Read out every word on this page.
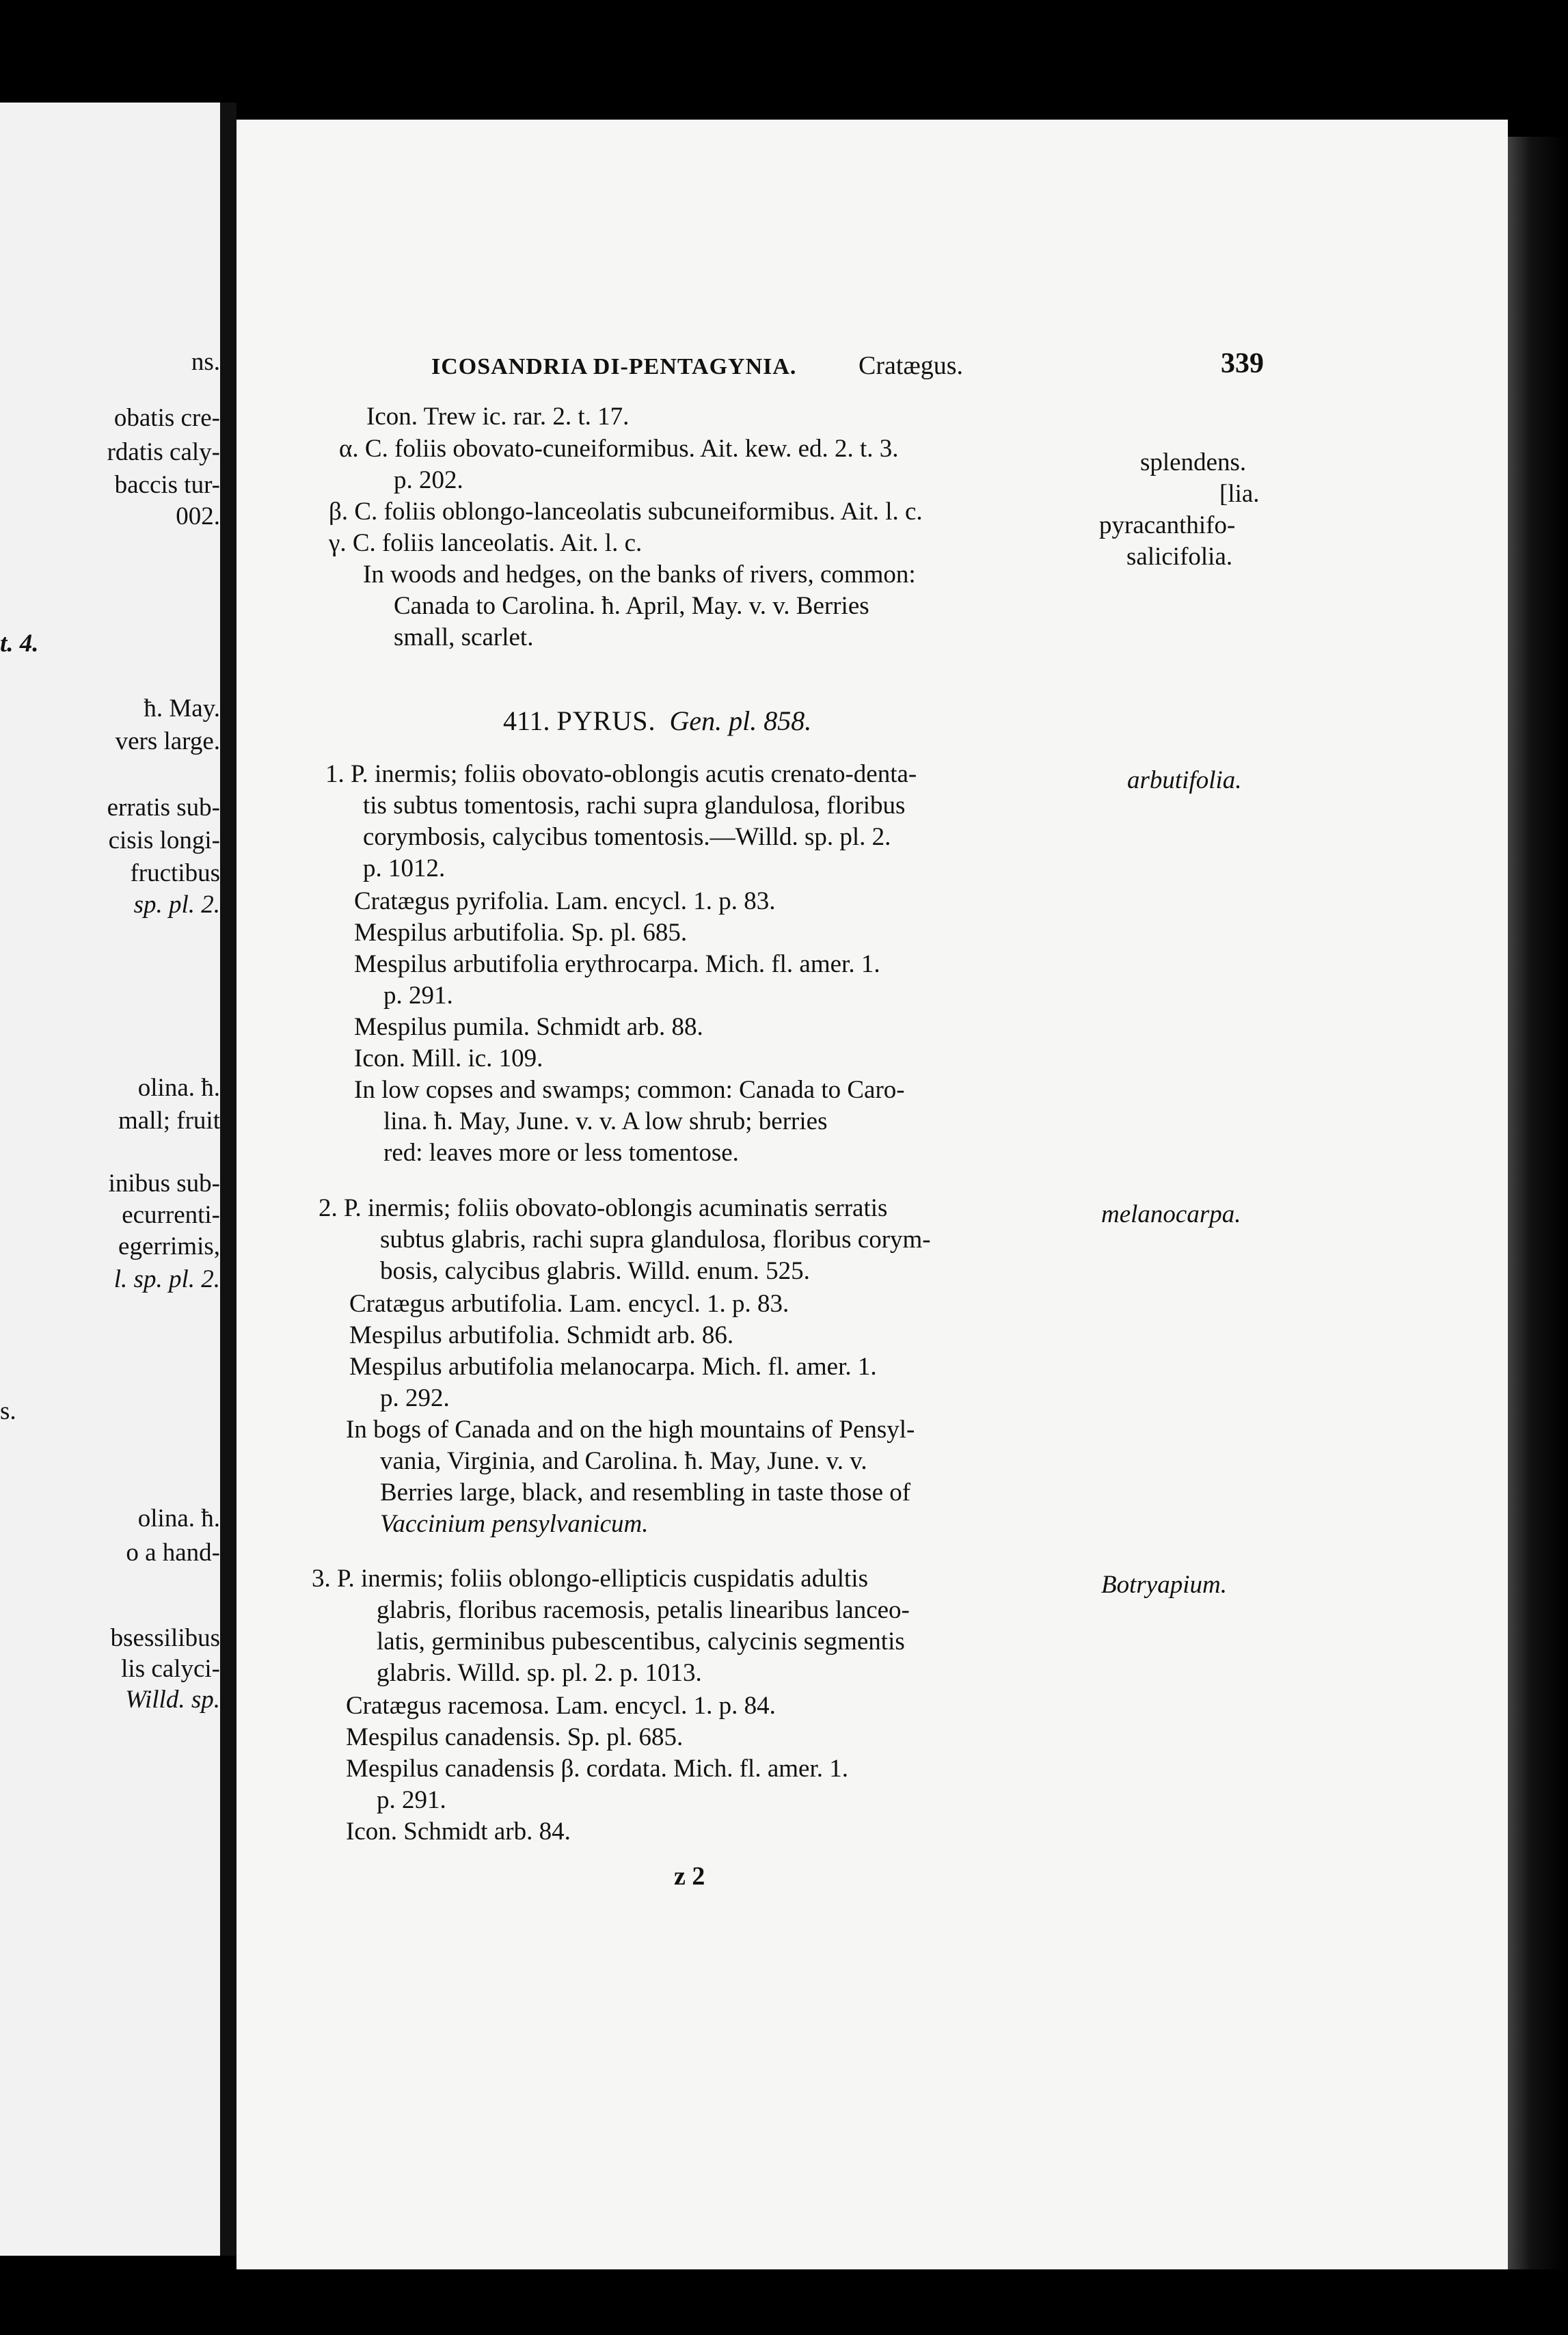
ns.
obatis cre-
rdatis caly-
baccis tur-
002.
t. 4.
ħ. May.
vers large.
erratis sub-
cisis longi-
fructibus
sp. pl. 2.
olina. ħ.
mall; fruit
inibus sub-
ecurrenti-
egerrimis,
l. sp. pl. 2.
s.
olina. ħ.
o a hand-
bsessilibus
lis calyci-
Willd. sp.
ICOSANDRIA DI-PENTAGYNIA. Cratægus.	339
Icon. Trew ic. rar. 2. t. 17.
α. C. foliis obovato-cuneiformibus. Ait. kew. ed. 2. t. 3.
p. 202.
β. C. foliis oblongo-lanceolatis subcuneiformibus. Ait. l. c.
γ. C. foliis lanceolatis. Ait. l. c.
In woods and hedges, on the banks of rivers, common:
Canada to Carolina. ħ. April, May. v. v. Berries
small, scarlet.
splendens.
[lia.
pyracanthifo-
salicifolia.
411. PYRUS. Gen. pl. 858.
arbutifolia.
1. P. inermis; foliis obovato-oblongis acutis crenato-denta-
tis subtus tomentosis, rachi supra glandulosa, floribus
corymbosis, calycibus tomentosis.—Willd. sp. pl. 2.
p. 1012.
Cratægus pyrifolia. Lam. encycl. 1. p. 83.
Mespilus arbutifolia. Sp. pl. 685.
Mespilus arbutifolia erythrocarpa. Mich. fl. amer. 1.
p. 291.
Mespilus pumila. Schmidt arb. 88.
Icon. Mill. ic. 109.
In low copses and swamps; common: Canada to Caro-
lina. ħ. May, June. v. v. A low shrub; berries
red: leaves more or less tomentose.
melanocarpa.
2. P. inermis; foliis obovato-oblongis acuminatis serratis
subtus glabris, rachi supra glandulosa, floribus corym-
bosis, calycibus glabris. Willd. enum. 525.
Cratægus arbutifolia. Lam. encycl. 1. p. 83.
Mespilus arbutifolia. Schmidt arb. 86.
Mespilus arbutifolia melanocarpa. Mich. fl. amer. 1.
p. 292.
In bogs of Canada and on the high mountains of Pensyl-
vania, Virginia, and Carolina. ħ. May, June. v. v.
Berries large, black, and resembling in taste those of
Vaccinium pensylvanicum.
Botryapium.
3. P. inermis; foliis oblongo-ellipticis cuspidatis adultis
glabris, floribus racemosis, petalis linearibus lanceo-
latis, germinibus pubescentibus, calycinis segmentis
glabris. Willd. sp. pl. 2. p. 1013.
Cratægus racemosa. Lam. encycl. 1. p. 84.
Mespilus canadensis. Sp. pl. 685.
Mespilus canadensis β. cordata. Mich. fl. amer. 1.
p. 291.
Icon. Schmidt arb. 84.
z 2
